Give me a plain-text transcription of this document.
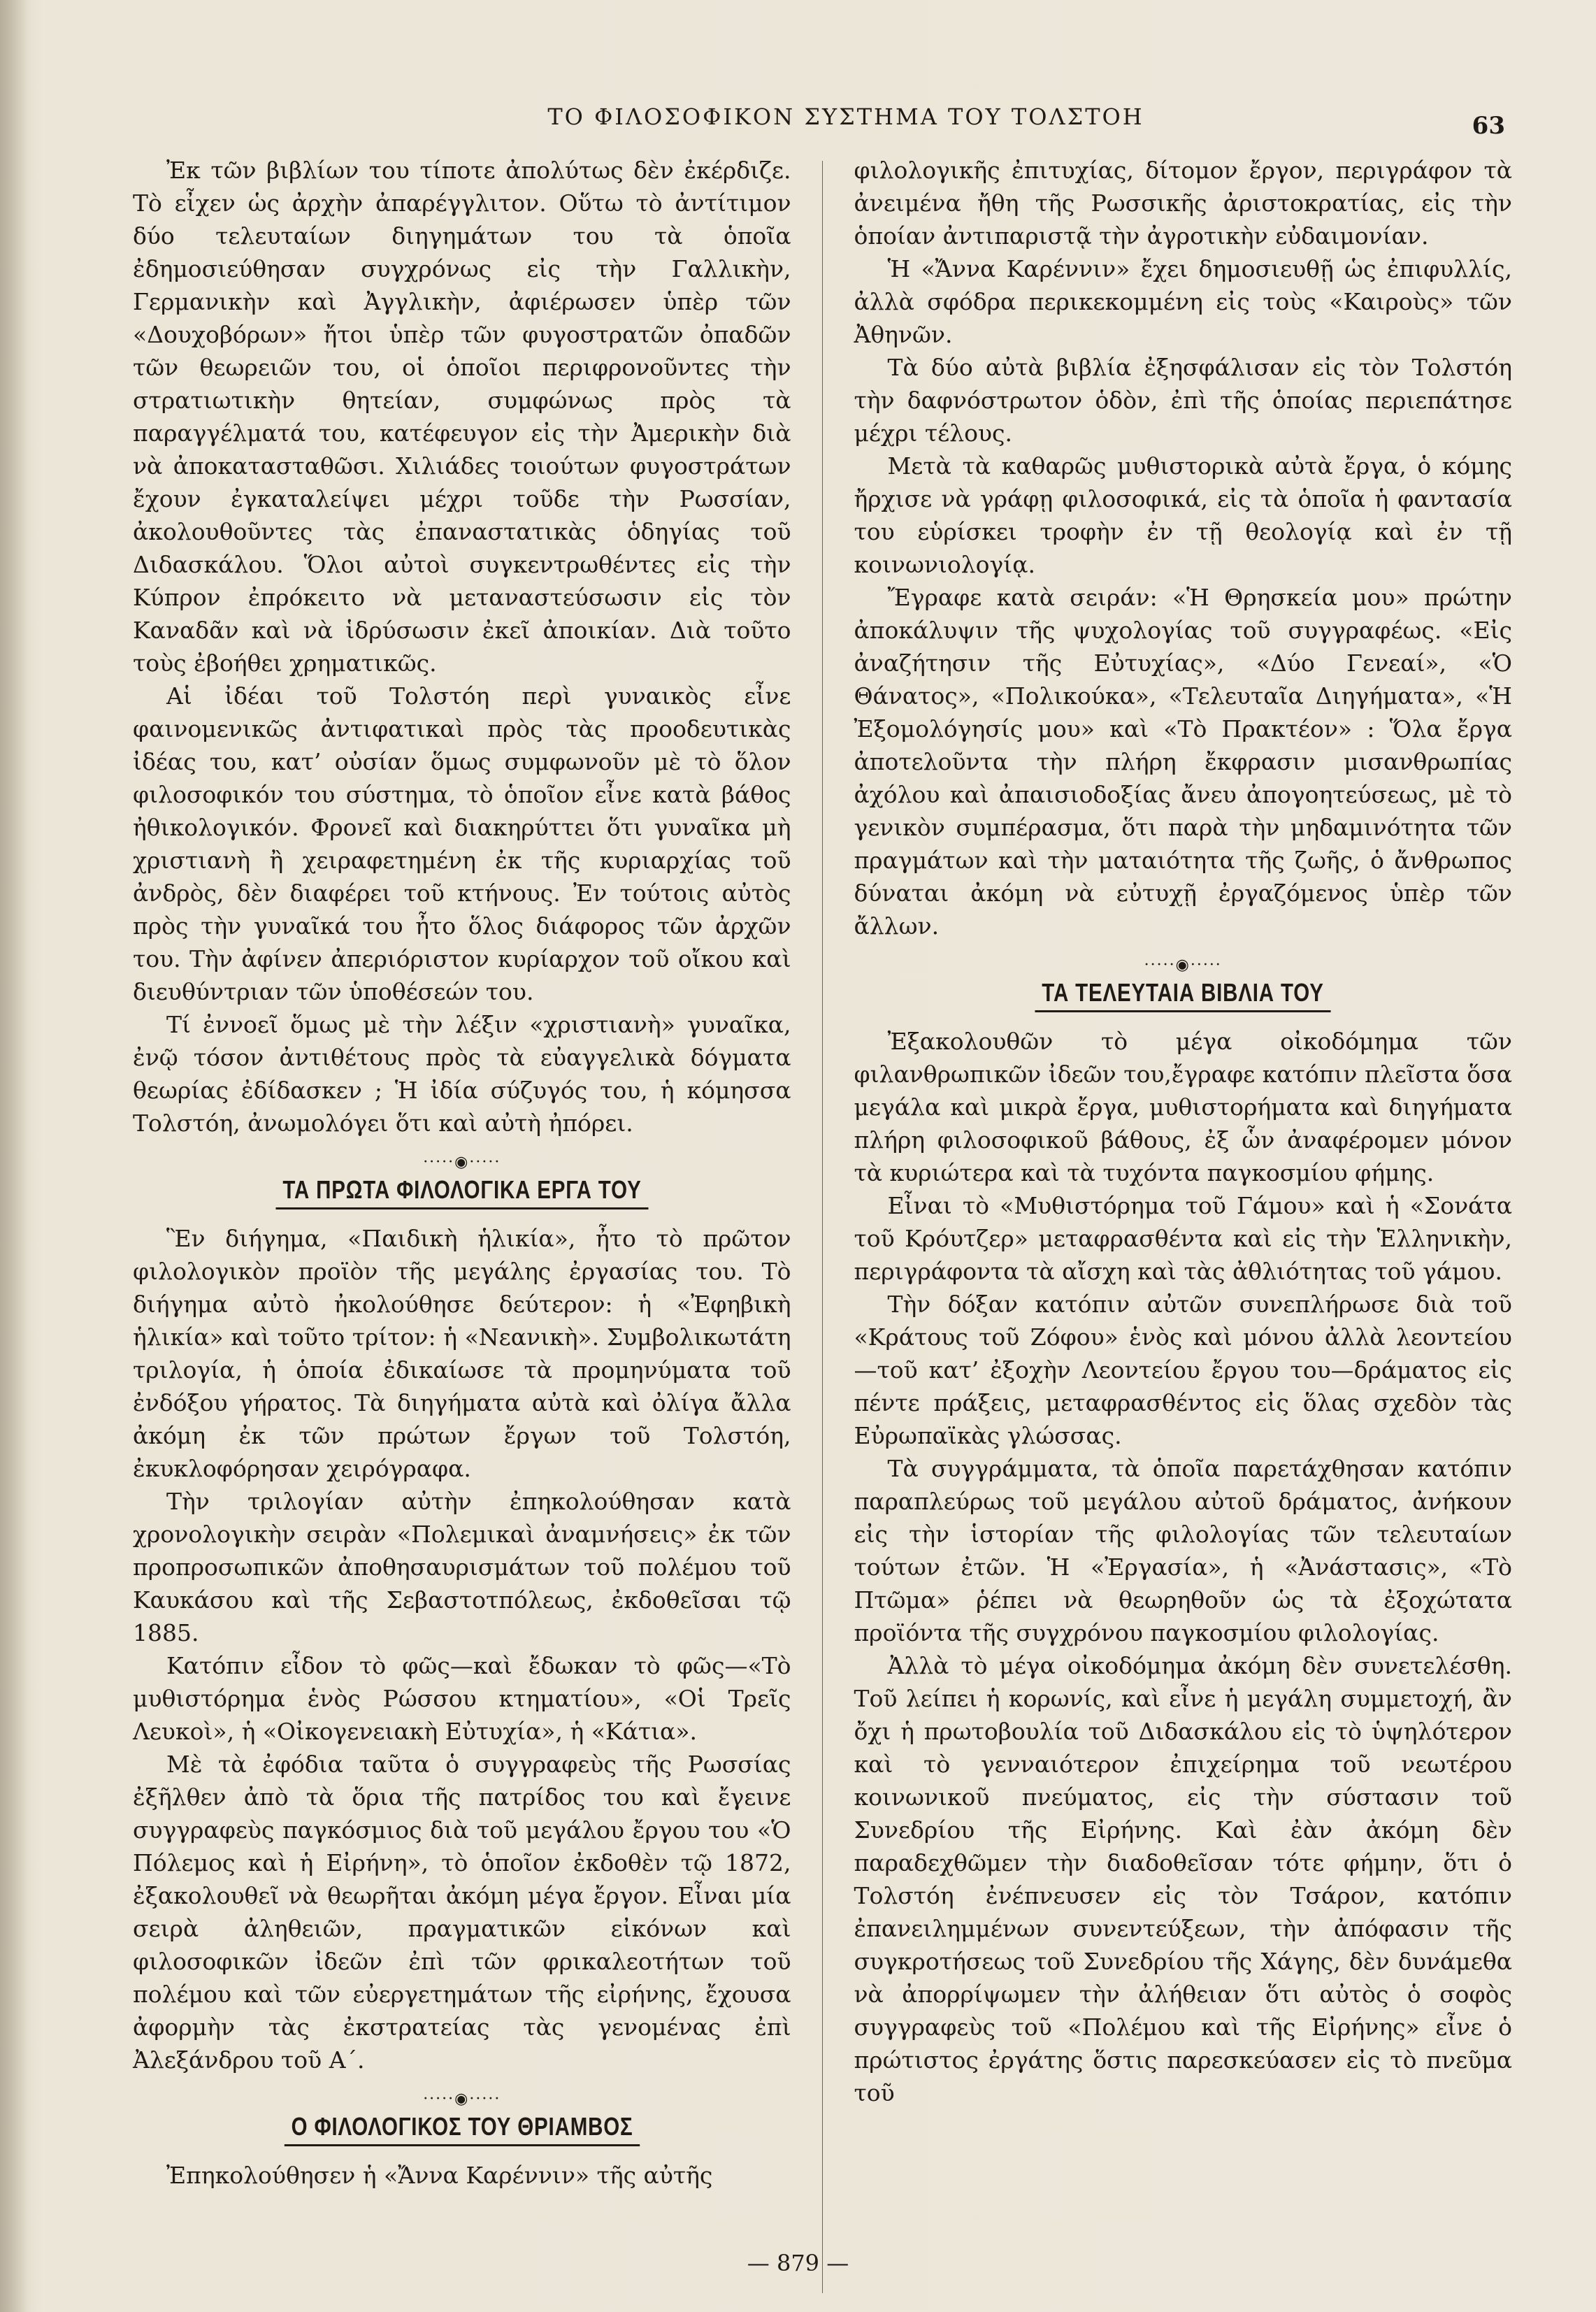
ΤΟ ΦΙΛΟΣΟΦΙΚΟΝ ΣΥΣΤΗΜΑ ΤΟΥ ΤΟΛΣΤΟΗ	63

Ἐκ τῶν βιβλίων του τίποτε ἀπολύτως δὲν ἐκέρδιζε. Τὸ εἶχεν ὡς ἀρχὴν ἀπαρέγγλιτον. Οὕτω τὸ ἀντίτιμον δύο τελευταίων διηγημάτων του τὰ ὁποῖα ἐδημοσιεύθησαν συγχρόνως εἰς τὴν Γαλλικὴν, Γερμανικὴν καὶ Ἀγγλικὴν, ἀφιέρωσεν ὑπὲρ τῶν «Δουχοβόρων» ἤτοι ὑπὲρ τῶν φυγοστρατῶν ὀπαδῶν τῶν θεωρειῶν του, οἱ ὁποῖοι περιφρονοῦντες τὴν στρατιωτικὴν θητείαν, συμφώνως πρὸς τὰ παραγγέλματά του, κατέφευγον εἰς τὴν Ἀμερικὴν διὰ νὰ ἀποκατασταθῶσι. Χιλιάδες τοιούτων φυγοστράτων ἔχουν ἐγκαταλείψει μέχρι τοῦδε τὴν Ρωσσίαν, ἀκολουθοῦντες τὰς ἐπαναστατικὰς ὁδηγίας τοῦ Διδασκάλου. Ὅλοι αὐτοὶ συγκεντρωθέντες εἰς τὴν Κύπρον ἐπρόκειτο νὰ μεταναστεύσωσιν εἰς τὸν Καναδᾶν καὶ νὰ ἱδρύσωσιν ἐκεῖ ἀποικίαν. Διὰ τοῦτο τοὺς ἐβοήθει χρηματικῶς.

Αἱ ἰδέαι τοῦ Τολστόη περὶ γυναικὸς εἶνε φαινομενικῶς ἀντιφατικαὶ πρὸς τὰς προοδευτικὰς ἰδέας του, κατ’ οὐσίαν ὅμως συμφωνοῦν μὲ τὸ ὅλον φιλοσοφικόν του σύστημα, τὸ ὁποῖον εἶνε κατὰ βάθος ἠθικολογικόν. Φρονεῖ καὶ διακηρύττει ὅτι γυναῖκα μὴ χριστιανὴ ἢ χειραφετημένη ἐκ τῆς κυριαρχίας τοῦ ἀνδρὸς, δὲν διαφέρει τοῦ κτήνους. Ἐν τούτοις αὐτὸς πρὸς τὴν γυναῖκά του ἦτο ὅλος διάφορος τῶν ἀρχῶν του. Τὴν ἀφίνεν ἀπεριόριστον κυρίαρχον τοῦ οἴκου καὶ διευθύντριαν τῶν ὑποθέσεών του.

Τί ἐννοεῖ ὅμως μὲ τὴν λέξιν «χριστιανὴ» γυναῖκα, ἐνῷ τόσον ἀντιθέτους πρὸς τὰ εὐαγγελικὰ δόγματα θεωρίας ἐδίδασκεν ; Ἡ ἰδία σύζυγός του, ἡ κόμησσα Τολστόη, ἀνωμολόγει ὅτι καὶ αὐτὴ ἠπόρει.

·····◉·····
ΤΑ ΠΡΩΤΑ ΦΙΛΟΛΟΓΙΚΑ ΕΡΓΑ ΤΟΥ

Ἓν διήγημα, «Παιδικὴ ἡλικία», ἦτο τὸ πρῶτον φιλολογικὸν προϊὸν τῆς μεγάλης ἐργασίας του. Τὸ διήγημα αὐτὸ ἠκολούθησε δεύτερον: ἡ «Ἐφηβικὴ ἡλικία» καὶ τοῦτο τρίτον: ἡ «Νεανικὴ». Συμβολικωτάτη τριλογία, ἡ ὁποία ἐδικαίωσε τὰ προμηνύματα τοῦ ἐνδόξου γήρατος. Τὰ διηγήματα αὐτὰ καὶ ὀλίγα ἄλλα ἀκόμη ἐκ τῶν πρώτων ἔργων τοῦ Τολστόη, ἐκυκλοφόρησαν χειρόγραφα.

Τὴν τριλογίαν αὐτὴν ἐπηκολούθησαν κατὰ χρονολογικὴν σειρὰν «Πολεμικαὶ ἀναμνήσεις» ἐκ τῶν προπροσωπικῶν ἀποθησαυρισμάτων τοῦ πολέμου τοῦ Καυκάσου καὶ τῆς Σεβαστοτπόλεως, ἐκδοθεῖσαι τῷ 1885.

Κατόπιν εἶδον τὸ φῶς—καὶ ἔδωκαν τὸ φῶς—«Τὸ μυθιστόρημα ἑνὸς Ρώσσου κτηματίου», «Οἱ Τρεῖς Λευκοὶ», ἡ «Οἰκογενειακὴ Εὐτυχία», ἡ «Κάτια».

Μὲ τὰ ἐφόδια ταῦτα ὁ συγγραφεὺς τῆς Ρωσσίας ἐξῆλθεν ἀπὸ τὰ ὅρια τῆς πατρίδος του καὶ ἔγεινε συγγραφεὺς παγκόσμιος διὰ τοῦ μεγάλου ἔργου του «Ὁ Πόλεμος καὶ ἡ Εἰρήνη», τὸ ὁποῖον ἐκδοθὲν τῷ 1872, ἐξακολουθεῖ νὰ θεωρῆται ἀκόμη μέγα ἔργον. Εἶναι μία σειρὰ ἀληθειῶν, πραγματικῶν εἰκόνων καὶ φιλοσοφικῶν ἰδεῶν ἐπὶ τῶν φρικαλεοτήτων τοῦ πολέμου καὶ τῶν εὐεργετημάτων τῆς εἰρήνης, ἔχουσα ἀφορμὴν τὰς ἐκστρατείας τὰς γενομένας ἐπὶ Ἀλεξάνδρου τοῦ Α΄.

·····◉·····
Ο ΦΙΛΟΛΟΓΙΚΟΣ ΤΟΥ ΘΡΙΑΜΒΟΣ

Ἐπηκολούθησεν ἡ «Ἄννα Καρέννιν» τῆς αὐτῆς

φιλολογικῆς ἐπιτυχίας, δίτομον ἔργον, περιγράφον τὰ ἀνειμένα ἤθη τῆς Ρωσσικῆς ἀριστοκρατίας, εἰς τὴν ὁποίαν ἀντιπαριστᾷ τὴν ἀγροτικὴν εὐδαιμονίαν.

Ἡ «Ἄννα Καρέννιν» ἔχει δημοσιευθῇ ὡς ἐπιφυλλίς, ἀλλὰ σφόδρα περικεκομμένη εἰς τοὺς «Καιροὺς» τῶν Ἀθηνῶν.

Τὰ δύο αὐτὰ βιβλία ἐξησφάλισαν εἰς τὸν Τολστόη τὴν δαφνόστρωτον ὁδὸν, ἐπὶ τῆς ὁποίας περιεπάτησε μέχρι τέλους.

Μετὰ τὰ καθαρῶς μυθιστορικὰ αὐτὰ ἔργα, ὁ κόμης ἤρχισε νὰ γράφῃ φιλοσοφικά, εἰς τὰ ὁποῖα ἡ φαντασία του εὑρίσκει τροφὴν ἐν τῇ θεολογίᾳ καὶ ἐν τῇ κοινωνιολογίᾳ.

Ἔγραφε κατὰ σειράν: «Ἡ Θρησκεία μου» πρώτην ἀποκάλυψιν τῆς ψυχολογίας τοῦ συγγραφέως. «Εἰς ἀναζήτησιν τῆς Εὐτυχίας», «Δύο Γενεαί», «Ὁ Θάνατος», «Πολικούκα», «Τελευταῖα Διηγήματα», «Ἡ Ἐξομολόγησίς μου» καὶ «Τὸ Πρακτέον» : Ὅλα ἔργα ἀποτελοῦντα τὴν πλήρη ἔκφρασιν μισανθρωπίας ἀχόλου καὶ ἀπαισιοδοξίας ἄνευ ἀπογοητεύσεως, μὲ τὸ γενικὸν συμπέρασμα, ὅτι παρὰ τὴν μηδαμινότητα τῶν πραγμάτων καὶ τὴν ματαιότητα τῆς ζωῆς, ὁ ἄνθρωπος δύναται ἀκόμη νὰ εὐτυχῇ ἐργαζόμενος ὑπὲρ τῶν ἄλλων.

·····◉·····
ΤΑ ΤΕΛΕΥΤΑΙΑ ΒΙΒΛΙΑ ΤΟΥ

Ἐξακολουθῶν τὸ μέγα οἰκοδόμημα τῶν φιλανθρωπικῶν ἰδεῶν του,ἔγραφε κατόπιν πλεῖστα ὅσα μεγάλα καὶ μικρὰ ἔργα, μυθιστορήματα καὶ διηγήματα πλήρη φιλοσοφικοῦ βάθους, ἐξ ὧν ἀναφέρομεν μόνον τὰ κυριώτερα καὶ τὰ τυχόντα παγκοσμίου φήμης.

Εἶναι τὸ «Μυθιστόρημα τοῦ Γάμου» καὶ ἡ «Σονάτα τοῦ Κρόυτζερ» μεταφρασθέντα καὶ εἰς τὴν Ἑλληνικὴν, περιγράφοντα τὰ αἴσχη καὶ τὰς ἀθλιότητας τοῦ γάμου.

Τὴν δόξαν κατόπιν αὐτῶν συνεπλήρωσε διὰ τοῦ «Κράτους τοῦ Ζόφου» ἑνὸς καὶ μόνου ἀλλὰ λεοντείου —τοῦ κατ’ ἐξοχὴν Λεοντείου ἔργου του—δράματος εἰς πέντε πράξεις, μεταφρασθέντος εἰς ὅλας σχεδὸν τὰς Εὐρωπαϊκὰς γλώσσας.

Τὰ συγγράμματα, τὰ ὁποῖα παρετάχθησαν κατόπιν παραπλεύρως τοῦ μεγάλου αὐτοῦ δράματος, ἀνήκουν εἰς τὴν ἱστορίαν τῆς φιλολογίας τῶν τελευταίων τούτων ἐτῶν. Ἡ «Ἐργασία», ἡ «Ἀνάστασις», «Τὸ Πτῶμα» ῥέπει νὰ θεωρηθοῦν ὡς τὰ ἐξοχώτατα προϊόντα τῆς συγχρόνου παγκοσμίου φιλολογίας.

Ἀλλὰ τὸ μέγα οἰκοδόμημα ἀκόμη δὲν συνετελέσθη. Τοῦ λείπει ἡ κορωνίς, καὶ εἶνε ἡ μεγάλη συμμετοχή, ἂν ὄχι ἡ πρωτοβουλία τοῦ Διδασκάλου εἰς τὸ ὑψηλότερον καὶ τὸ γενναιότερον ἐπιχείρημα τοῦ νεωτέρου κοινωνικοῦ πνεύματος, εἰς τὴν σύστασιν τοῦ Συνεδρίου τῆς Εἰρήνης. Καὶ ἐὰν ἀκόμη δὲν παραδεχθῶμεν τὴν διαδοθεῖσαν τότε φήμην, ὅτι ὁ Τολστόη ἐνέπνευσεν εἰς τὸν Τσάρον, κατόπιν ἐπανειλημμένων συνεντεύξεων, τὴν ἀπόφασιν τῆς συγκροτήσεως τοῦ Συνεδρίου τῆς Χάγης, δὲν δυνάμεθα νὰ ἀπορρίψωμεν τὴν ἀλήθειαν ὅτι αὐτὸς ὁ σοφὸς συγγραφεὺς τοῦ «Πολέμου καὶ τῆς Εἰρήνης» εἶνε ὁ πρώτιστος ἐργάτης ὅστις παρεσκεύασεν εἰς τὸ πνεῦμα τοῦ

— 879 —
